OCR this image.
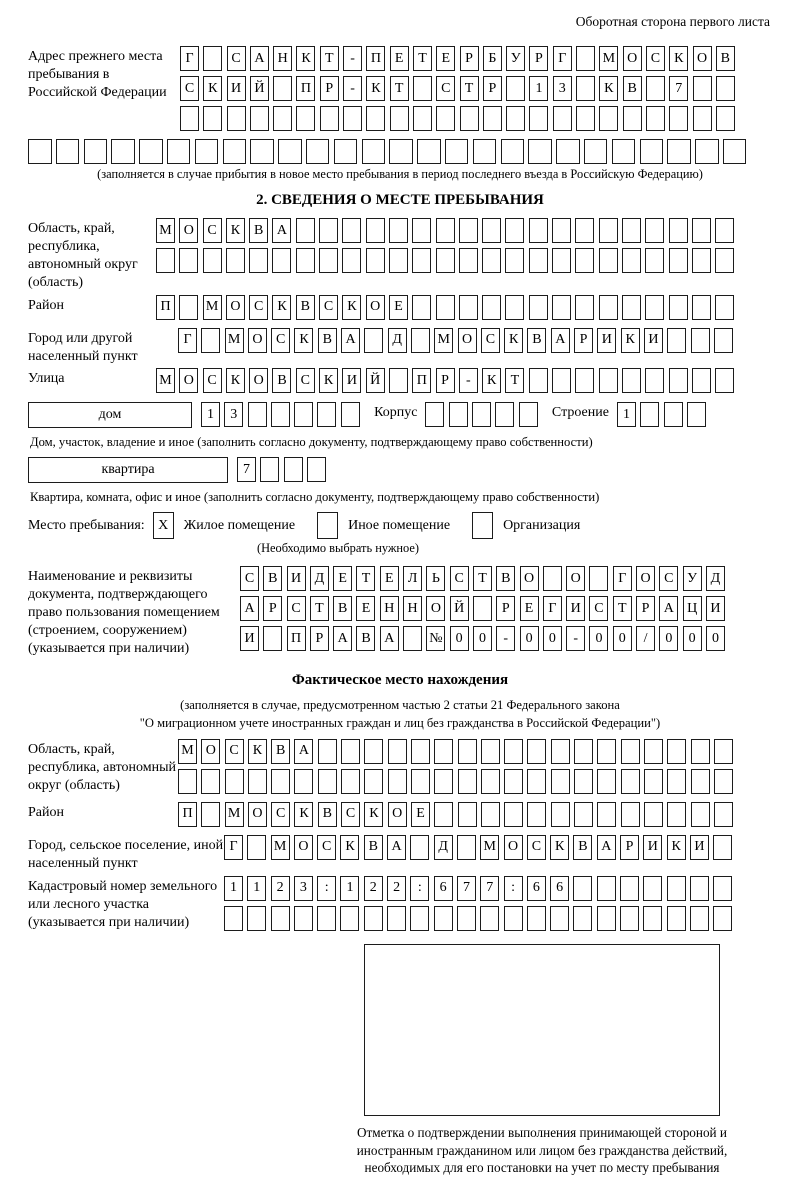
Оборотная сторона первого листа
Адрес прежнего места пребывания в Российской Федерации
Г	С А Н К	Т	-	П Е	Т	Е	Р	Б	У	Р	Г	М О С К О В
С К И Й	П	Р	-	К	Т	С	Т	Р	1	3	К В	7
(заполняется в случае прибытия в новое место пребывания в период последнего въезда в Российскую Федерацию)
2. СВЕДЕНИЯ О МЕСТЕ ПРЕБЫВАНИЯ
Область, край, республика, автономный округ (область)
М О С К В А
Район	П	М О С К В С К О Е
Город или другой населенный пункт
Г	М О С К В А	Д	М О С К В А	Р	И К И
Улица	М О С К О В С К И Й	П	Р	-	К	Т
дом	1	3	Корпус	Строение	1
Дом, участок, владение и иное (заполнить согласно документу, подтверждающему право собственности)
квартира	7
Квартира, комната, офис и иное (заполнить согласно документу, подтверждающему право собственности)
Место пребывания: X	Жилое помещение	Иное помещение	Организация
(Необходимо выбрать нужное)
Наименование и реквизиты документа, подтверждающего право пользования помещением (строением, сооружением) (указывается при наличии)
С В И Д	Е	Т	Е	Л	Ь	С	Т	В О	О	Г	О С У Д
А	Р	С	Т	В	Е Н Н О Й	Р	Е	Г	И С	Т	Р	А Ц И
И	П	Р	А В А	№ 0	0	-	0	0	-	0	0	/	0	0	0
Фактическое место нахождения
(заполняется в случае, предусмотренном частью 2 статьи 21 Федерального закона
"О миграционном учете иностранных граждан и лиц без гражданства в Российской Федерации")
Область, край, республика, автономный округ (область)
М О С К В А
Район	П	М О С К В С К О Е
Город, сельское поселение, иной населенный пункт
Г	М О С К В А	Д	М О С К В А	Р	И К И
Кадастровый номер земельного или лесного участка (указывается при наличии)
1	1	2	3	:	1	2	2	:	6	7	7	:	6	6
Отметка о подтверждении выполнения принимающей стороной и иностранным гражданином или лицом без гражданства действий, необходимых для его постановки на учет по месту пребывания
